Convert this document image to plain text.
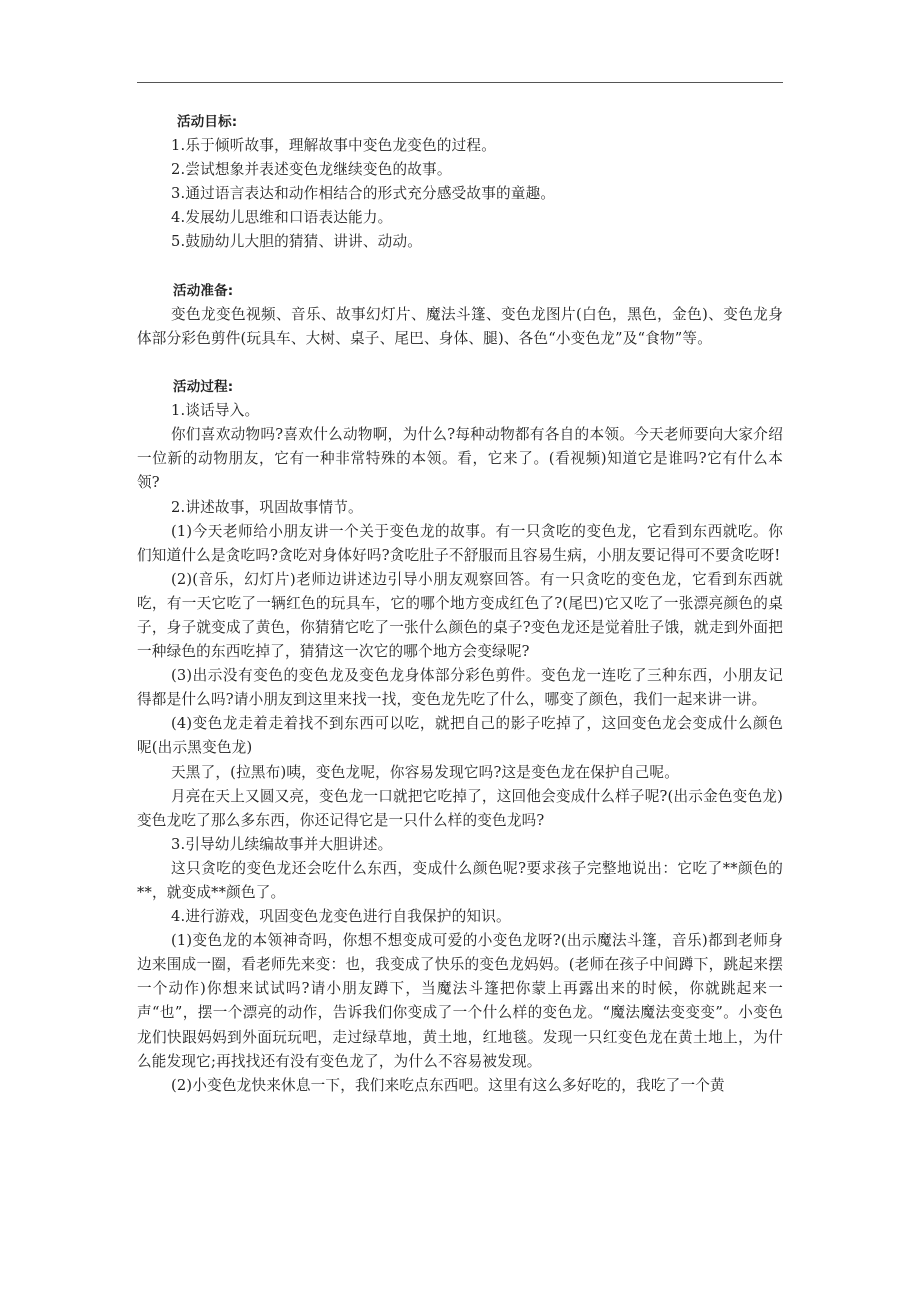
活动目标:

1.乐于倾听故事，理解故事中变色龙变色的过程。

2.尝试想象并表述变色龙继续变色的故事。

3.通过语言表达和动作相结合的形式充分感受故事的童趣。

4.发展幼儿思维和口语表达能力。

5.鼓励幼儿大胆的猜猜、讲讲、动动。

活动准备:

变色龙变色视频、音乐、故事幻灯片、魔法斗篷、变色龙图片(白色，黑色，金色)、变色龙身体部分彩色剪件(玩具车、大树、桌子、尾巴、身体、腿)、各色“小变色龙”及“食物”等。

活动过程:

1.谈话导入。

你们喜欢动物吗?喜欢什么动物啊，为什么?每种动物都有各自的本领。今天老师要向大家介绍一位新的动物朋友，它有一种非常特殊的本领。看，它来了。(看视频)知道它是谁吗?它有什么本领?

2.讲述故事，巩固故事情节。

(1)今天老师给小朋友讲一个关于变色龙的故事。有一只贪吃的变色龙，它看到东西就吃。你们知道什么是贪吃吗?贪吃对身体好吗?贪吃肚子不舒服而且容易生病，小朋友要记得可不要贪吃呀!

(2)(音乐，幻灯片)老师边讲述边引导小朋友观察回答。有一只贪吃的变色龙，它看到东西就吃，有一天它吃了一辆红色的玩具车，它的哪个地方变成红色了?(尾巴)它又吃了一张漂亮颜色的桌子，身子就变成了黄色，你猜猜它吃了一张什么颜色的桌子?变色龙还是觉着肚子饿，就走到外面把一种绿色的东西吃掉了，猜猜这一次它的哪个地方会变绿呢?

(3)出示没有变色的变色龙及变色龙身体部分彩色剪件。变色龙一连吃了三种东西，小朋友记得都是什么吗?请小朋友到这里来找一找，变色龙先吃了什么，哪变了颜色，我们一起来讲一讲。

(4)变色龙走着走着找不到东西可以吃，就把自己的影子吃掉了，这回变色龙会变成什么颜色呢(出示黑变色龙)

天黑了，(拉黑布)咦，变色龙呢，你容易发现它吗?这是变色龙在保护自己呢。

月亮在天上又圆又亮，变色龙一口就把它吃掉了，这回他会变成什么样子呢?(出示金色变色龙)变色龙吃了那么多东西，你还记得它是一只什么样的变色龙吗?

3.引导幼儿续编故事并大胆讲述。

这只贪吃的变色龙还会吃什么东西，变成什么颜色呢?要求孩子完整地说出：它吃了**颜色的**，就变成**颜色了。

4.进行游戏，巩固变色龙变色进行自我保护的知识。

(1)变色龙的本领神奇吗，你想不想变成可爱的小变色龙呀?(出示魔法斗篷，音乐)都到老师身边来围成一圈，看老师先来变：也，我变成了快乐的变色龙妈妈。(老师在孩子中间蹲下，跳起来摆一个动作)你想来试试吗?请小朋友蹲下，当魔法斗篷把你蒙上再露出来的时候，你就跳起来一声“也”，摆一个漂亮的动作，告诉我们你变成了一个什么样的变色龙。“魔法魔法变变变”。小变色龙们快跟妈妈到外面玩玩吧，走过绿草地，黄土地，红地毯。发现一只红变色龙在黄土地上，为什么能发现它;再找找还有没有变色龙了，为什么不容易被发现。

(2)小变色龙快来休息一下，我们来吃点东西吧。这里有这么多好吃的，我吃了一个黄
